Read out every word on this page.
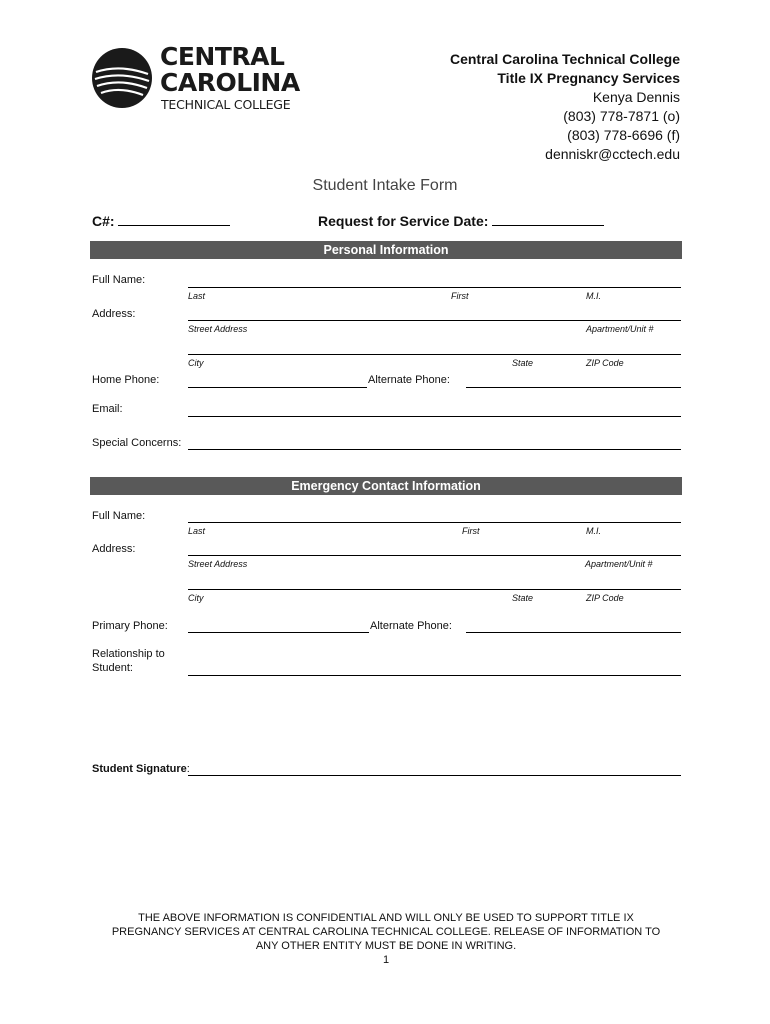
CENTRAL
CAROLINA
TECHNICAL COLLEGE
Central Carolina Technical College
Title IX Pregnancy Services
Kenya Dennis
(803) 778-7871 (o)
(803) 778-6696 (f)
denniskr@cctech.edu
Student Intake Form
C#:	Request for Service Date:
Personal Information
Full Name:
Last	First	M.I.
Address:
Street Address	Apartment/Unit #
City	State	ZIP Code
Home Phone:	Alternate Phone:
Email:
Special Concerns:
Emergency Contact Information
Full Name:
Last	First	M.I.
Address:
Street Address	Apartment/Unit #
City	State	ZIP Code
Primary Phone:	Alternate Phone:
Relationship to
Student:
Student Signature:
THE ABOVE INFORMATION IS CONFIDENTIAL AND WILL ONLY BE USED TO SUPPORT TITLE IX
PREGNANCY SERVICES AT CENTRAL CAROLINA TECHNICAL COLLEGE. RELEASE OF INFORMATION TO
ANY OTHER ENTITY MUST BE DONE IN WRITING.
1
